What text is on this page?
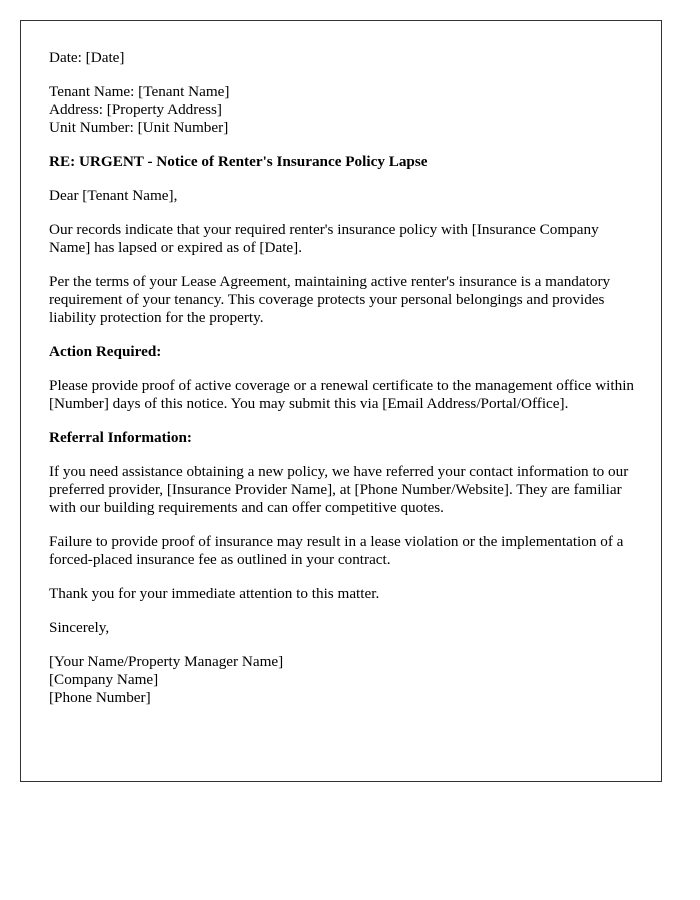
Date: [Date]

Tenant Name: [Tenant Name]
Address: [Property Address]
Unit Number: [Unit Number]

RE: URGENT - Notice of Renter's Insurance Policy Lapse

Dear [Tenant Name],

Our records indicate that your required renter's insurance policy with [Insurance Company Name] has lapsed or expired as of [Date].

Per the terms of your Lease Agreement, maintaining active renter's insurance is a mandatory requirement of your tenancy. This coverage protects your personal belongings and provides liability protection for the property.

Action Required:

Please provide proof of active coverage or a renewal certificate to the management office within [Number] days of this notice. You may submit this via [Email Address/Portal/Office].

Referral Information:

If you need assistance obtaining a new policy, we have referred your contact information to our preferred provider, [Insurance Provider Name], at [Phone Number/Website]. They are familiar with our building requirements and can offer competitive quotes.

Failure to provide proof of insurance may result in a lease violation or the implementation of a forced-placed insurance fee as outlined in your contract.

Thank you for your immediate attention to this matter.

Sincerely,

[Your Name/Property Manager Name]
[Company Name]
[Phone Number]
